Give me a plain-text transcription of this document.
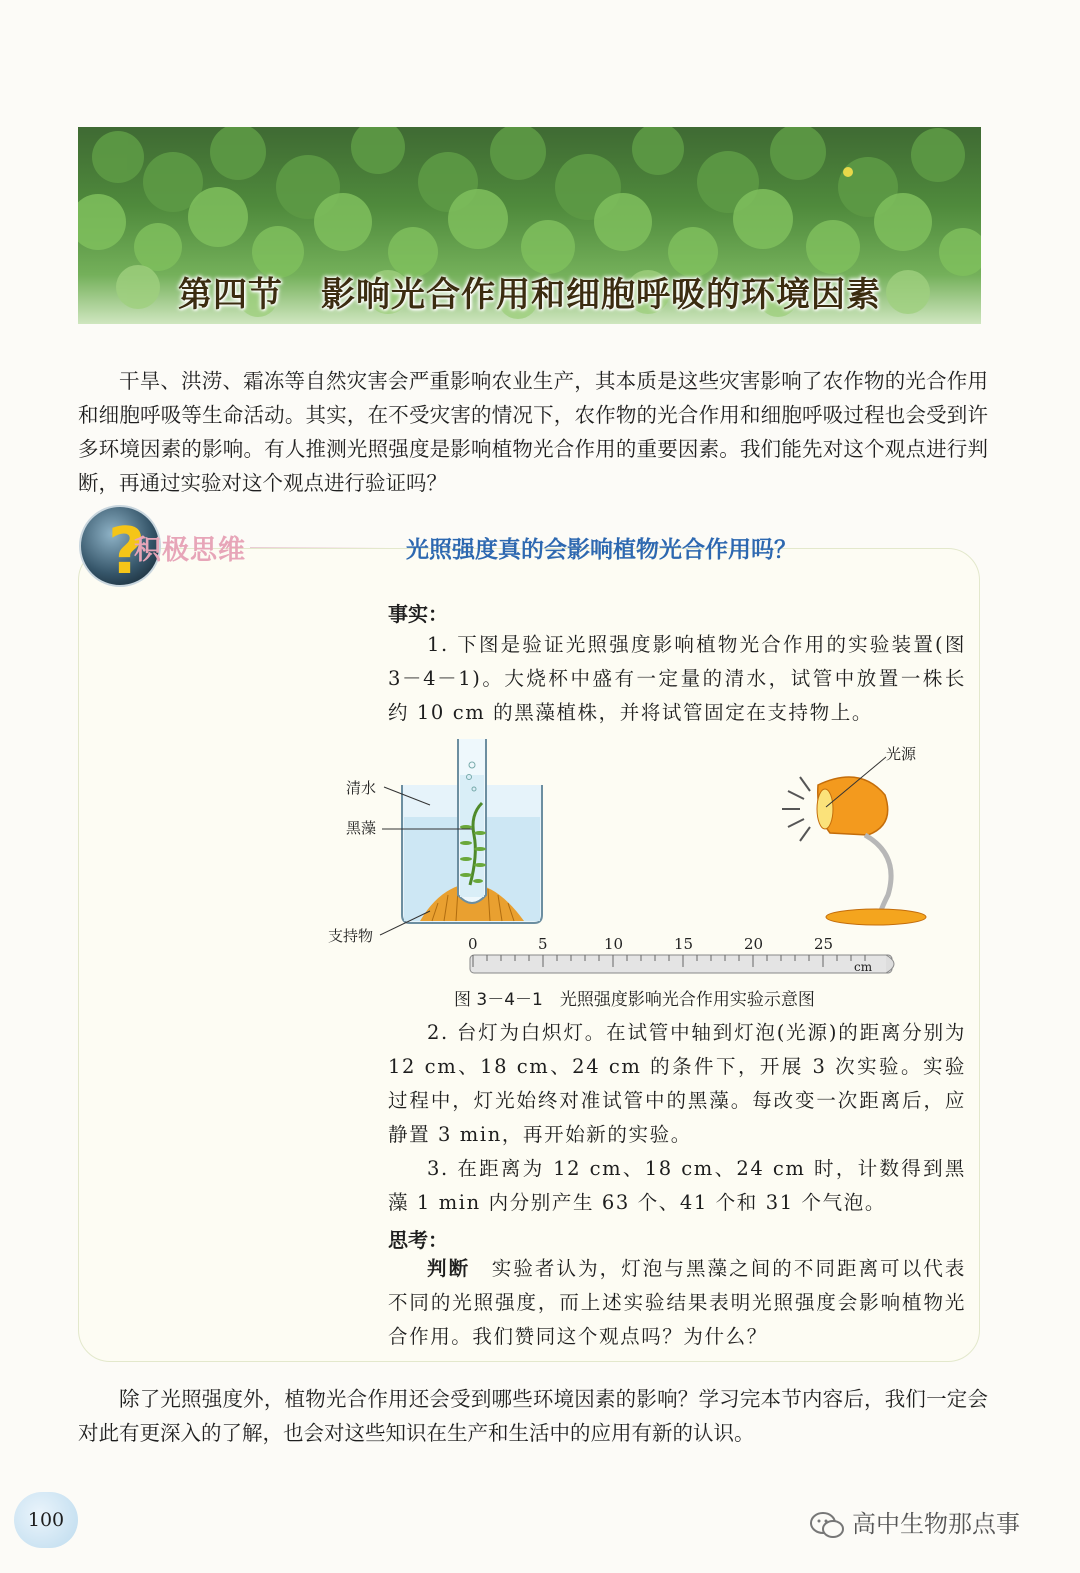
第四节 影响光合作用和细胞呼吸的环境因素

干旱、洪涝、霜冻等自然灾害会严重影响农业生产，其本质是这些灾害影响了农作物的光合作用和细胞呼吸等生命活动。其实，在不受灾害的情况下，农作物的光合作用和细胞呼吸过程也会受到许多环境因素的影响。有人推测光照强度是影响植物光合作用的重要因素。我们能先对这个观点进行判断，再通过实验对这个观点进行验证吗？

?
积极思维	光照强度真的会影响植物光合作用吗？
事实：

1. 下图是验证光照强度影响植物光合作用的实验装置(图 3－4－1)。大烧杯中盛有一定量的清水，试管中放置一株长约 10 cm 的黑藻植株，并将试管固定在支持物上。

清水
黑藻
支持物
光源
0	5	10	15	20	25
cm
图 3－4－1　光照强度影响光合作用实验示意图

2. 台灯为白炽灯。在试管中轴到灯泡(光源)的距离分别为 12 cm、18 cm、24 cm 的条件下，开展 3 次实验。实验过程中，灯光始终对准试管中的黑藻。每改变一次距离后，应静置 3 min，再开始新的实验。

3. 在距离为 12 cm、18 cm、24 cm 时，计数得到黑藻 1 min 内分别产生 63 个、41 个和 31 个气泡。

思考：

判断  实验者认为，灯泡与黑藻之间的不同距离可以代表不同的光照强度，而上述实验结果表明光照强度会影响植物光合作用。我们赞同这个观点吗？为什么？

除了光照强度外，植物光合作用还会受到哪些环境因素的影响？学习完本节内容后，我们一定会对此有更深入的了解，也会对这些知识在生产和生活中的应用有新的认识。

100	高中生物那点事
